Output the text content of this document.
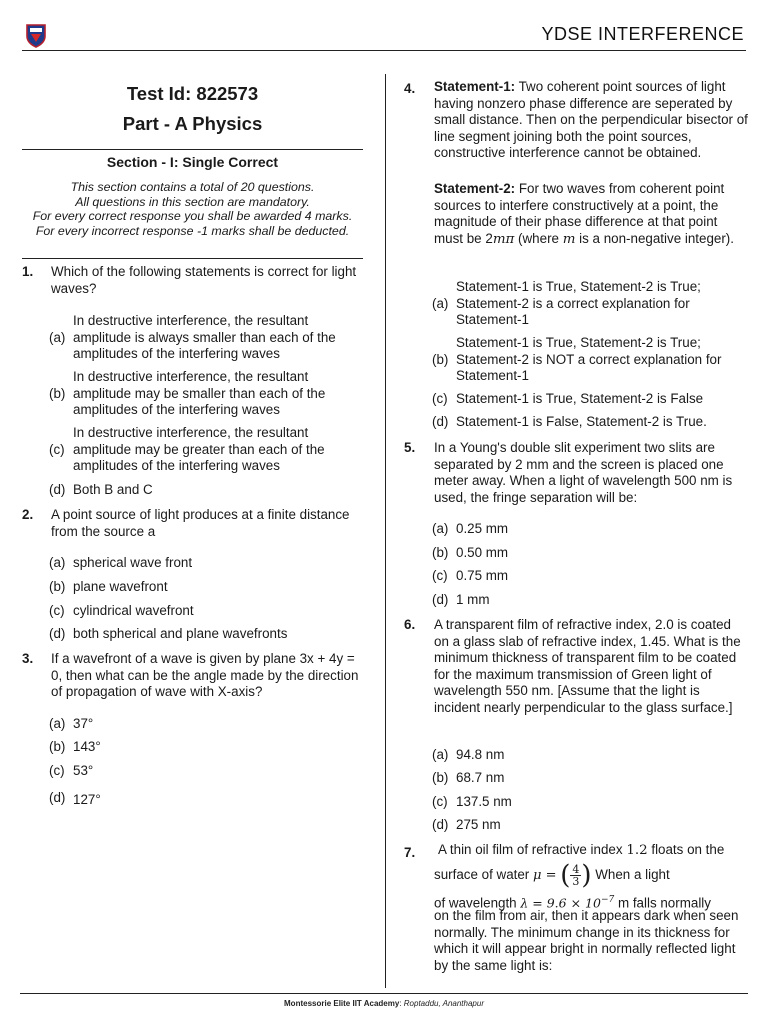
YDSE INTERFERENCE
Test Id: 822573
Part - A Physics
Section - I: Single Correct
This section contains a total of 20 questions.
All questions in this section are mandatory.
For every correct response you shall be awarded 4 marks.
For every incorrect response -1 marks shall be deducted.
1. Which of the following statements is correct for light waves?
(a)
In destructive interference, the resultant amplitude is always smaller than each of the amplitudes of the interfering waves
(b)
In destructive interference, the resultant amplitude may be smaller than each of the amplitudes of the interfering waves
(c)
In destructive interference, the resultant amplitude may be greater than each of the amplitudes of the interfering waves
(d) Both B and C
2. A point source of light produces at a finite distance from the source a
(a) spherical wave front
(b) plane wavefront
(c) cylindrical wavefront
(d) both spherical and plane wavefronts
3. If a wavefront of a wave is given by plane 3x + 4y = 0, then what can be the angle made by the direction of propagation of wave with X-axis?
(a) 37°
(b) 143°
(c) 53°
(d) 127°
4. Statement-1: Two coherent point sources of light having nonzero phase difference are seperated by small distance. Then on the perpendicular bisector of line segment joining both the point sources, constructive interference cannot be obtained.
Statement-2: For two waves from coherent point sources to interfere constructively at a point, the magnitude of their phase difference at that point must be 2mπ (where m is a non-negative integer).
(a)
Statement-1 is True, Statement-2 is True; Statement-2 is a correct explanation for Statement-1
(b)
Statement-1 is True, Statement-2 is True; Statement-2 is NOT a correct explanation for Statement-1
(c) Statement-1 is True, Statement-2 is False
(d) Statement-1 is False, Statement-2 is True.
5. In a Young's double slit experiment two slits are separated by 2 mm and the screen is placed one meter away. When a light of wavelength 500 nm is used, the fringe separation will be:
(a) 0.25 mm
(b) 0.50 mm
(c) 0.75 mm
(d) 1 mm
6. A transparent film of refractive index, 2.0 is coated on a glass slab of refractive index, 1.45. What is the minimum thickness of transparent film to be coated for the maximum transmission of Green light of wavelength 550 nm. [Assume that the light is incident nearly perpendicular to the glass surface.]
(a) 94.8 nm
(b) 68.7 nm
(c) 137.5 nm
(d) 275 nm
7. A thin oil film of refractive index 1.2 floats on the
surface of water μ = ( $\frac{4}{3}$ ) When a light
of wavelength $\lambda = 9.6 \times 10^{-7}$ m falls normally
on the film from air, then it appears dark when seen normally. The minimum change in its thickness for which it will appear bright in normally reflected light by the same light is:
Montessorie Elite IIT Academy: Roptaddu, Ananthapur
